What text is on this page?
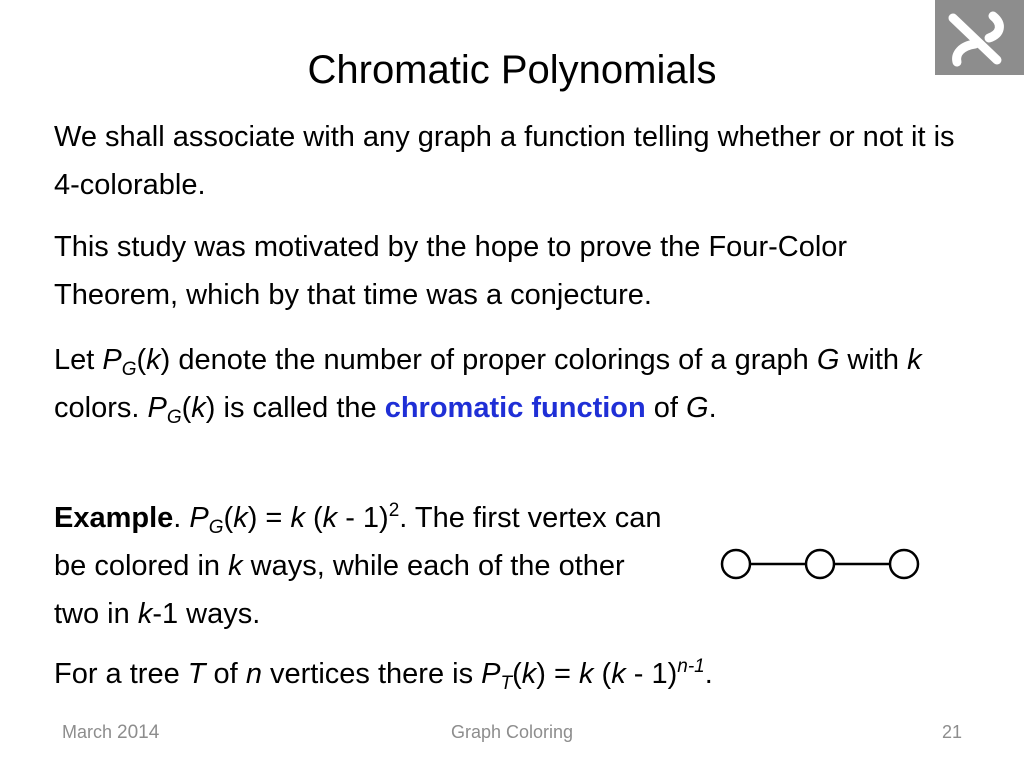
Chromatic Polynomials
We shall associate with any graph a function telling whether or not it is 4-colorable.
This study was motivated by the hope to prove the Four-Color Theorem, which by that time was a conjecture.
Let $P_G(k)$ denote the number of proper colorings of a graph G with k colors. $P_G(k)$ is called the chromatic function of G.
Example. $P_G(k) = k$ (k - 1)$^2$. The first vertex can be colored in k ways, while each of the other two in k-1 ways.
For a tree T of n vertices there is $P_T(k) = k$ (k - 1)$^{n-1}$.
March 2014	Graph Coloring	21
